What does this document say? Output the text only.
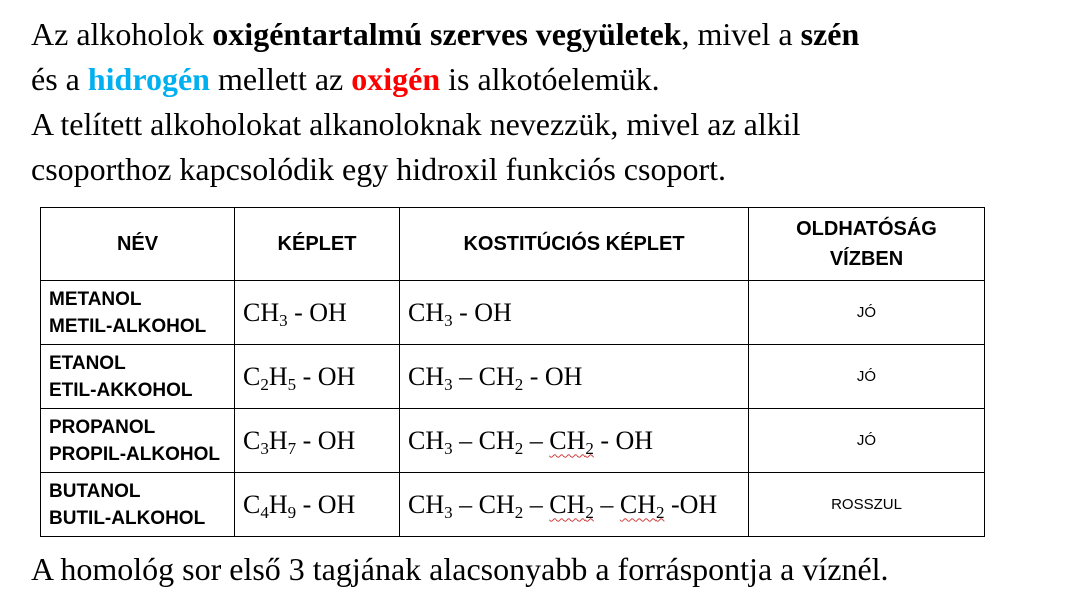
Az alkoholok oxigéntartalmú szerves vegyületek, mivel a szén
és a hidrogén mellett az oxigén is alkotóelemük.
A telített alkoholokat alkanoloknak nevezzük, mivel az alkil
csoporthoz kapcsolódik egy hidroxil funkciós csoport.
NÉV	KÉPLET	KOSTITÚCIÓS KÉPLET	OLDHATÓSÁG
VÍZBEN
METANOL
METIL-ALKOHOL	$CH_3$ - OH	$CH_3$ - OH	JÓ
ETANOL
ETIL-AKKOHOL	$C_2H_5$ - OH	$CH_3 - CH_2$ - OH	JÓ
PROPANOL
PROPIL-ALKOHOL	$C_3H_7$ - OH	$CH_3 - CH_2 - CH_2$ - OH	JÓ
BUTANOL
BUTIL-ALKOHOL	$C_4H_9$ - OH	$CH_3 - CH_2 - CH_2 - CH_2$ -OH	ROSSZUL
A homológ sor első 3 tagjának alacsonyabb a forráspontja a víznél.
